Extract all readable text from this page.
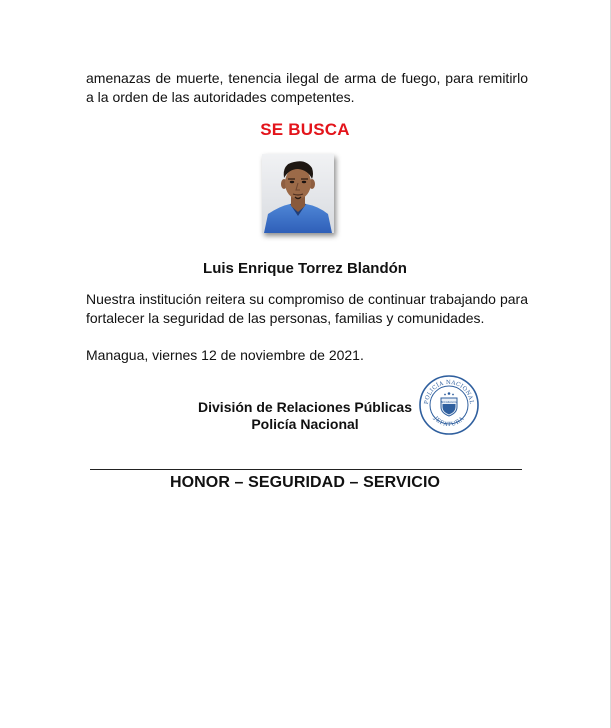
amenazas de muerte, tenencia ilegal de arma de fuego, para remitirlo
a la orden de las autoridades competentes.

SE BUSCA
Luis Enrique Torrez Blandón

Nuestra institución reitera su compromiso de continuar trabajando para
fortalecer la seguridad de las personas, familias y comunidades.

Managua, viernes 12 de noviembre de 2021.

División de Relaciones Públicas
Policía Nacional
POLICÍA NACIONAL
JEFATURA
NICARAGUA
HONOR – SEGURIDAD – SERVICIO
